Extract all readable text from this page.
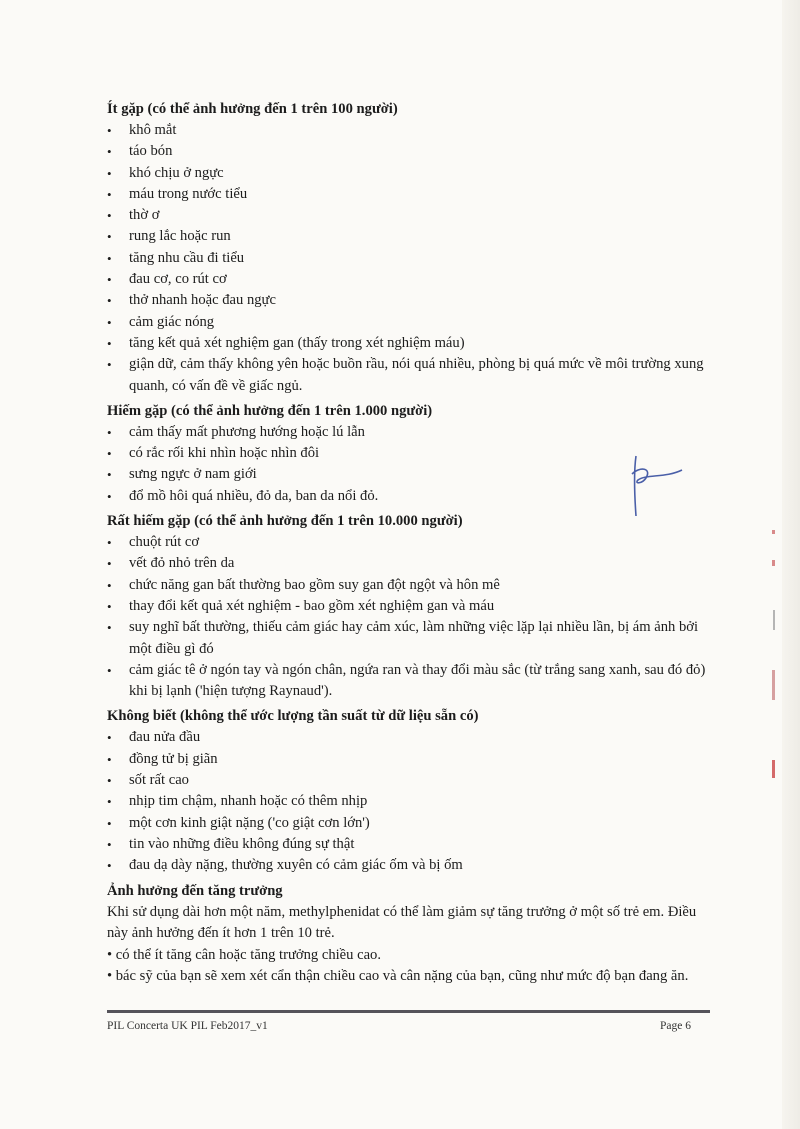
Ít gặp (có thể ảnh hưởng đến 1 trên 100 người)
• khô mắt
• táo bón
• khó chịu ở ngực
• máu trong nước tiểu
• thờ ơ
• rung lắc hoặc run
• tăng nhu cầu đi tiểu
• đau cơ, co rút cơ
• thở nhanh hoặc đau ngực
• cảm giác nóng
• tăng kết quả xét nghiệm gan (thấy trong xét nghiệm máu)
• giận dữ, cảm thấy không yên hoặc buồn rầu, nói quá nhiều, phòng bị quá mức về môi trường xung quanh, có vấn đề về giấc ngủ.
Hiếm gặp (có thể ảnh hưởng đến 1 trên 1.000 người)
• cảm thấy mất phương hướng hoặc lú lẫn
• có rắc rối khi nhìn hoặc nhìn đôi
• sưng ngực ở nam giới
• đổ mồ hôi quá nhiều, đỏ da, ban da nổi đỏ.
Rất hiếm gặp (có thể ảnh hưởng đến 1 trên 10.000 người)
• chuột rút cơ
• vết đỏ nhỏ trên da
• chức năng gan bất thường bao gồm suy gan đột ngột và hôn mê
• thay đổi kết quả xét nghiệm - bao gồm xét nghiệm gan và máu
• suy nghĩ bất thường, thiếu cảm giác hay cảm xúc, làm những việc lặp lại nhiều lần, bị ám ảnh bởi một điều gì đó
• cảm giác tê ở ngón tay và ngón chân, ngứa ran và thay đổi màu sắc (từ trắng sang xanh, sau đó đỏ) khi bị lạnh ('hiện tượng Raynaud').
Không biết (không thể ước lượng tần suất từ dữ liệu sẵn có)
• đau nửa đầu
• đồng tử bị giãn
• sốt rất cao
• nhịp tim chậm, nhanh hoặc có thêm nhịp
• một cơn kinh giật nặng ('co giật cơn lớn')
• tin vào những điều không đúng sự thật
• đau dạ dày nặng, thường xuyên có cảm giác ốm và bị ốm
Ảnh hưởng đến tăng trưởng

Khi sử dụng dài hơn một năm, methylphenidat có thể làm giảm sự tăng trưởng ở một số trẻ em. Điều này ảnh hưởng đến ít hơn 1 trên 10 trẻ.

• có thể ít tăng cân hoặc tăng trưởng chiều cao.

• bác sỹ của bạn sẽ xem xét cẩn thận chiều cao và cân nặng của bạn, cũng như mức độ bạn đang ăn.

PIL Concerta UK PIL Feb2017_v1	Page 6
